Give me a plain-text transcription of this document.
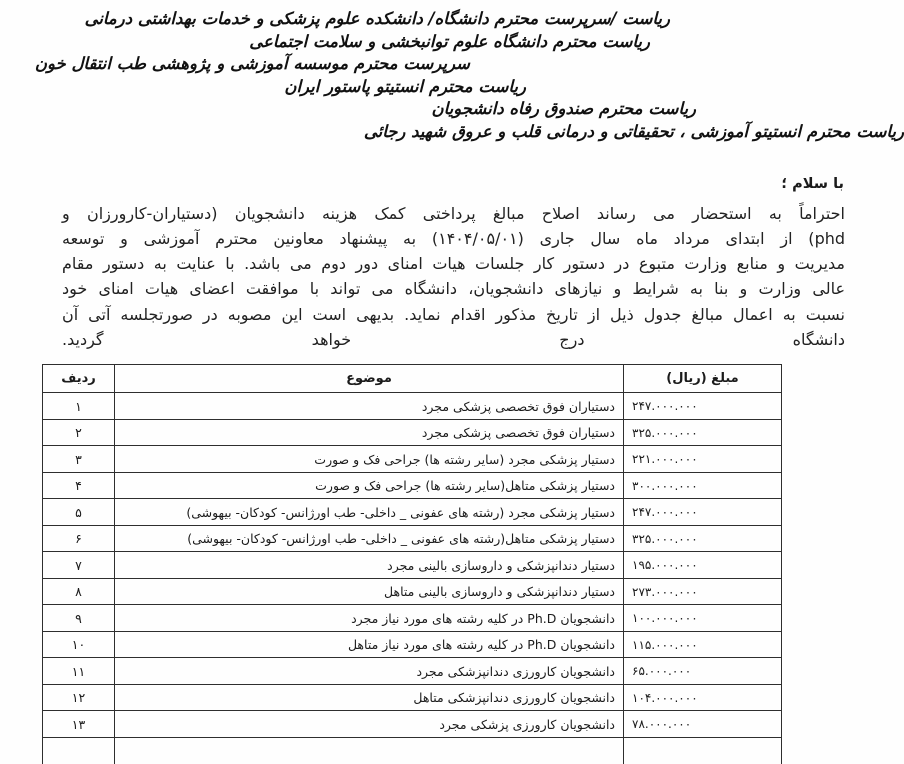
ریاست /سرپرست محترم دانشگاه/ دانشکده علوم پزشکی و خدمات بهداشتی درمانی
ریاست محترم دانشگاه علوم توانبخشی و سلامت اجتماعی
سرپرست محترم موسسه آموزشی و پژوهشی طب انتقال خون
ریاست محترم انستیتو پاستور ایران
ریاست محترم صندوق رفاه دانشجویان
ریاست محترم انستیتو آموزشی ، تحقیقاتی و درمانی قلب و عروق شهید رجائی
با سلام ؛
احتراماً به استحضار می رساند اصلاح مبالغ پرداختی کمک هزینه دانشجویان (دستیاران-کارورزان و
phd) از ابتدای مرداد ماه سال جاری (۱۴۰۴/۰۵/۰۱) به پیشنهاد معاونین محترم آموزشی و توسعه
مدیریت و منابع وزارت متبوع در دستور کار جلسات هیات امنای دور دوم می باشد. با عنایت به دستور مقام
عالی وزارت و بنا به شرایط و نیازهای دانشجویان، دانشگاه می تواند با موافقت اعضای هیات امنای خود
نسبت به اعمال مبالغ جدول ذیل از تاریخ مذکور اقدام نماید. بدیهی است این مصوبه در صورتجلسه آتی آن
دانشگاه درج خواهد گردید.
مبلغ (ریال)	موضوع	ردیف
۲۴۷.۰۰۰.۰۰۰	دستیاران فوق تخصصی پزشکی مجرد	۱
۳۲۵.۰۰۰.۰۰۰	دستیاران فوق تخصصی پزشکی مجرد	۲
۲۲۱.۰۰۰.۰۰۰	دستیار پزشکی مجرد (سایر رشته ها) جراحی فک و صورت	۳
۳۰۰.۰۰۰.۰۰۰	دستیار پزشکی متاهل(سایر رشته ها) جراحی فک و صورت	۴
۲۴۷.۰۰۰.۰۰۰	دستیار پزشکی مجرد (رشته های عفونی _ داخلی- طب اورژانس- کودکان- بیهوشی)	۵
۳۲۵.۰۰۰.۰۰۰	دستیار پزشکی متاهل(رشته های عفونی _ داخلی- طب اورژانس- کودکان- بیهوشی)	۶
۱۹۵.۰۰۰.۰۰۰	دستیار دندانپزشکی و داروسازی بالینی مجرد	۷
۲۷۳.۰۰۰.۰۰۰	دستیار دندانپزشکی و داروسازی بالینی متاهل	۸
۱۰۰.۰۰۰.۰۰۰	دانشجویان Ph.D در کلیه رشته های مورد نیاز مجرد	۹
۱۱۵.۰۰۰.۰۰۰	دانشجویان Ph.D در کلیه رشته های مورد نیاز متاهل	۱۰
۶۵.۰۰۰.۰۰۰	دانشجویان کارورزی دندانپزشکی مجرد	۱۱
۱۰۴.۰۰۰.۰۰۰	دانشجویان کارورزی دندانپزشکی متاهل	۱۲
۷۸.۰۰۰.۰۰۰	دانشجویان کارورزی پزشکی مجرد	۱۳
